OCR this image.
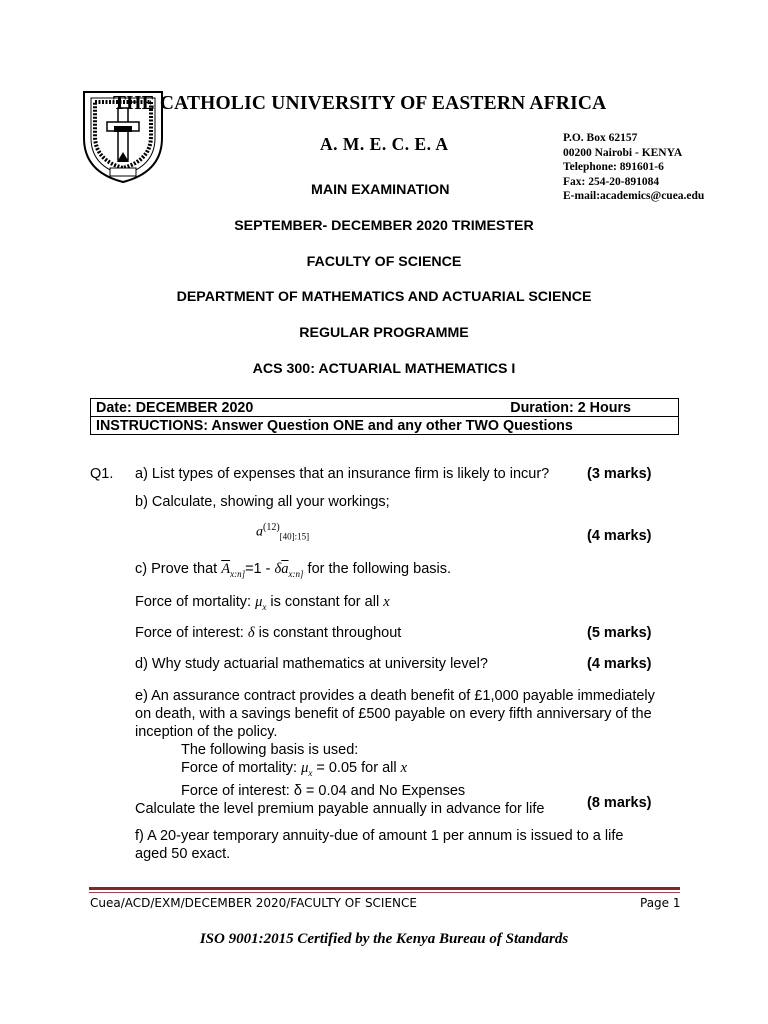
THE CATHOLIC UNIVERSITY OF EASTERN AFRICA
A. M. E. C. E. A	P.O. Box 62157
00200 Nairobi - KENYA
Telephone: 891601-6
Fax: 254-20-891084
E-mail:academics@cuea.edu
MAIN EXAMINATION
SEPTEMBER- DECEMBER 2020 TRIMESTER
FACULTY OF SCIENCE
DEPARTMENT OF MATHEMATICS AND ACTUARIAL SCIENCE
REGULAR PROGRAMME
ACS 300: ACTUARIAL MATHEMATICS I
Date: DECEMBER 2020	Duration: 2 Hours

INSTRUCTIONS: Answer Question ONE and any other TWO Questions
Q1. a) List types of expenses that an insurance firm is likely to incur?	(3 marks)
b) Calculate, showing all your workings;
$a^{(12)}_{[40]:15]}$	(4 marks)
c) Prove that $\overline{A}_{x:n]}=1 - \delta\overline{a}_{x:n]}$ for the following basis.
Force of mortality: $\mu_x$ is constant for all x
Force of interest: δ is constant throughout	(5 marks)
d) Why study actuarial mathematics at university level?	(4 marks)
e) An assurance contract provides a death benefit of £1,000 payable immediately
on death, with a savings benefit of £500 payable on every fifth anniversary of the
inception of the policy.
The following basis is used:
Force of mortality: $\mu_x = 0.05$ for all x
Force of interest: δ = 0.04 and No Expenses
Calculate the level premium payable annually in advance for life	(8 marks)
f) A 20-year temporary annuity-due of amount 1 per annum is issued to a life
aged 50 exact.
Cuea/ACD/EXM/DECEMBER 2020/FACULTY OF SCIENCE	Page 1
ISO 9001:2015 Certified by the Kenya Bureau of Standards
